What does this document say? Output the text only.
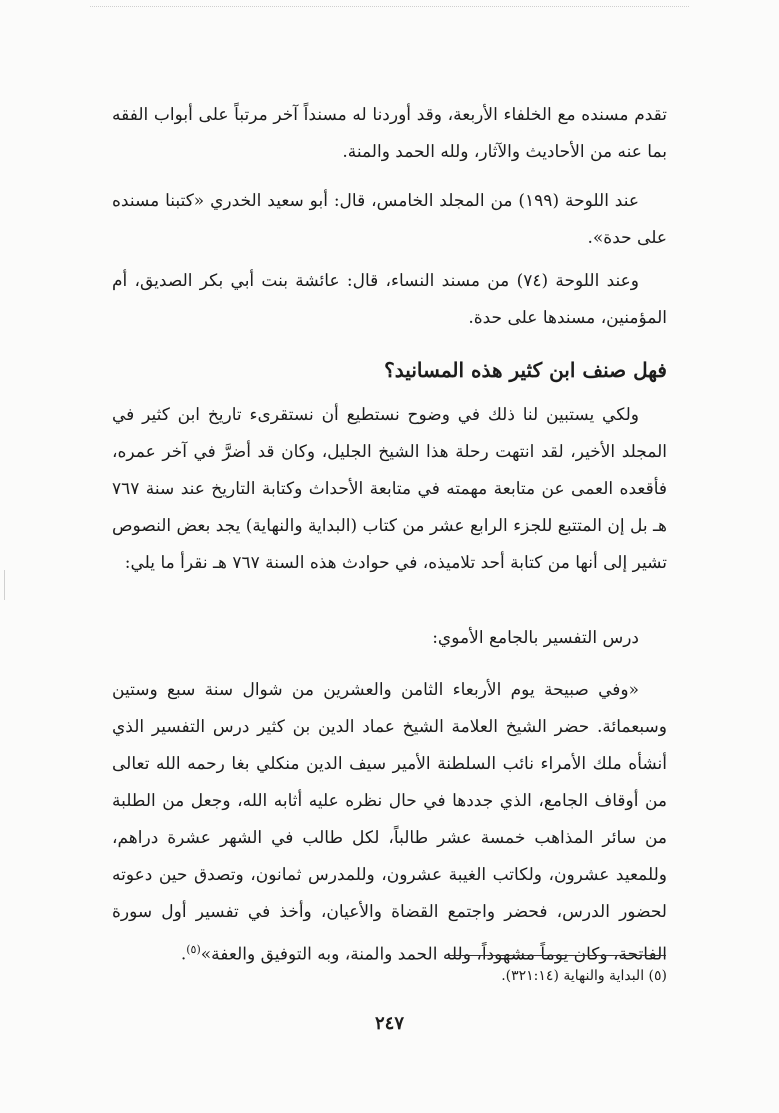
تقدم مسنده مع الخلفاء الأربعة، وقد أوردنا له مسنداً آخر مرتباً على أبواب الفقه بما عنه من الأحاديث والآثار، ولله الحمد والمنة.

عند اللوحة (١٩٩) من المجلد الخامس، قال: أبو سعيد الخدري «كتبنا مسنده على حدة».

وعند اللوحة (٧٤) من مسند النساء، قال: عائشة بنت أبي بكر الصديق، أم المؤمنين، مسندها على حدة.

فهل صنف ابن كثير هذه المسانيد؟

ولكي يستبين لنا ذلك في وضوح نستطيع أن نستقرىء تاريخ ابن كثير في المجلد الأخير، لقد انتهت رحلة هذا الشيخ الجليل، وكان قد أضرَّ في آخر عمره، فأقعده العمى عن متابعة مهمته في متابعة الأحداث وكتابة التاريخ عند سنة ٧٦٧ هـ بل إن المتتبع للجزء الرابع عشر من كتاب (البداية والنهاية) يجد بعض النصوص تشير إلى أنها من كتابة أحد تلاميذه، في حوادث هذه السنة ٧٦٧ هـ نقرأ ما يلي:

درس التفسير بالجامع الأموي:

«وفي صبيحة يوم الأربعاء الثامن والعشرين من شوال سنة سبع وستين وسبعمائة. حضر الشيخ العلامة الشيخ عماد الدين بن كثير درس التفسير الذي أنشأه ملك الأمراء نائب السلطنة الأمير سيف الدين منكلي بغا رحمه الله تعالى من أوقاف الجامع، الذي جددها في حال نظره عليه أثابه الله، وجعل من الطلبة من سائر المذاهب خمسة عشر طالباً، لكل طالب في الشهر عشرة دراهم، وللمعيد عشرون، ولكاتب الغيبة عشرون، وللمدرس ثمانون، وتصدق حين دعوته لحضور الدرس، فحضر واجتمع القضاة والأعيان، وأخذ في تفسير أول سورة الفاتحة، وكان يوماً مشهوداً، ولله الحمد والمنة، وبه التوفيق والعفة»$^{(٥)}$.

(٥) البداية والنهاية (٣٢١:١٤).

٢٤٧
